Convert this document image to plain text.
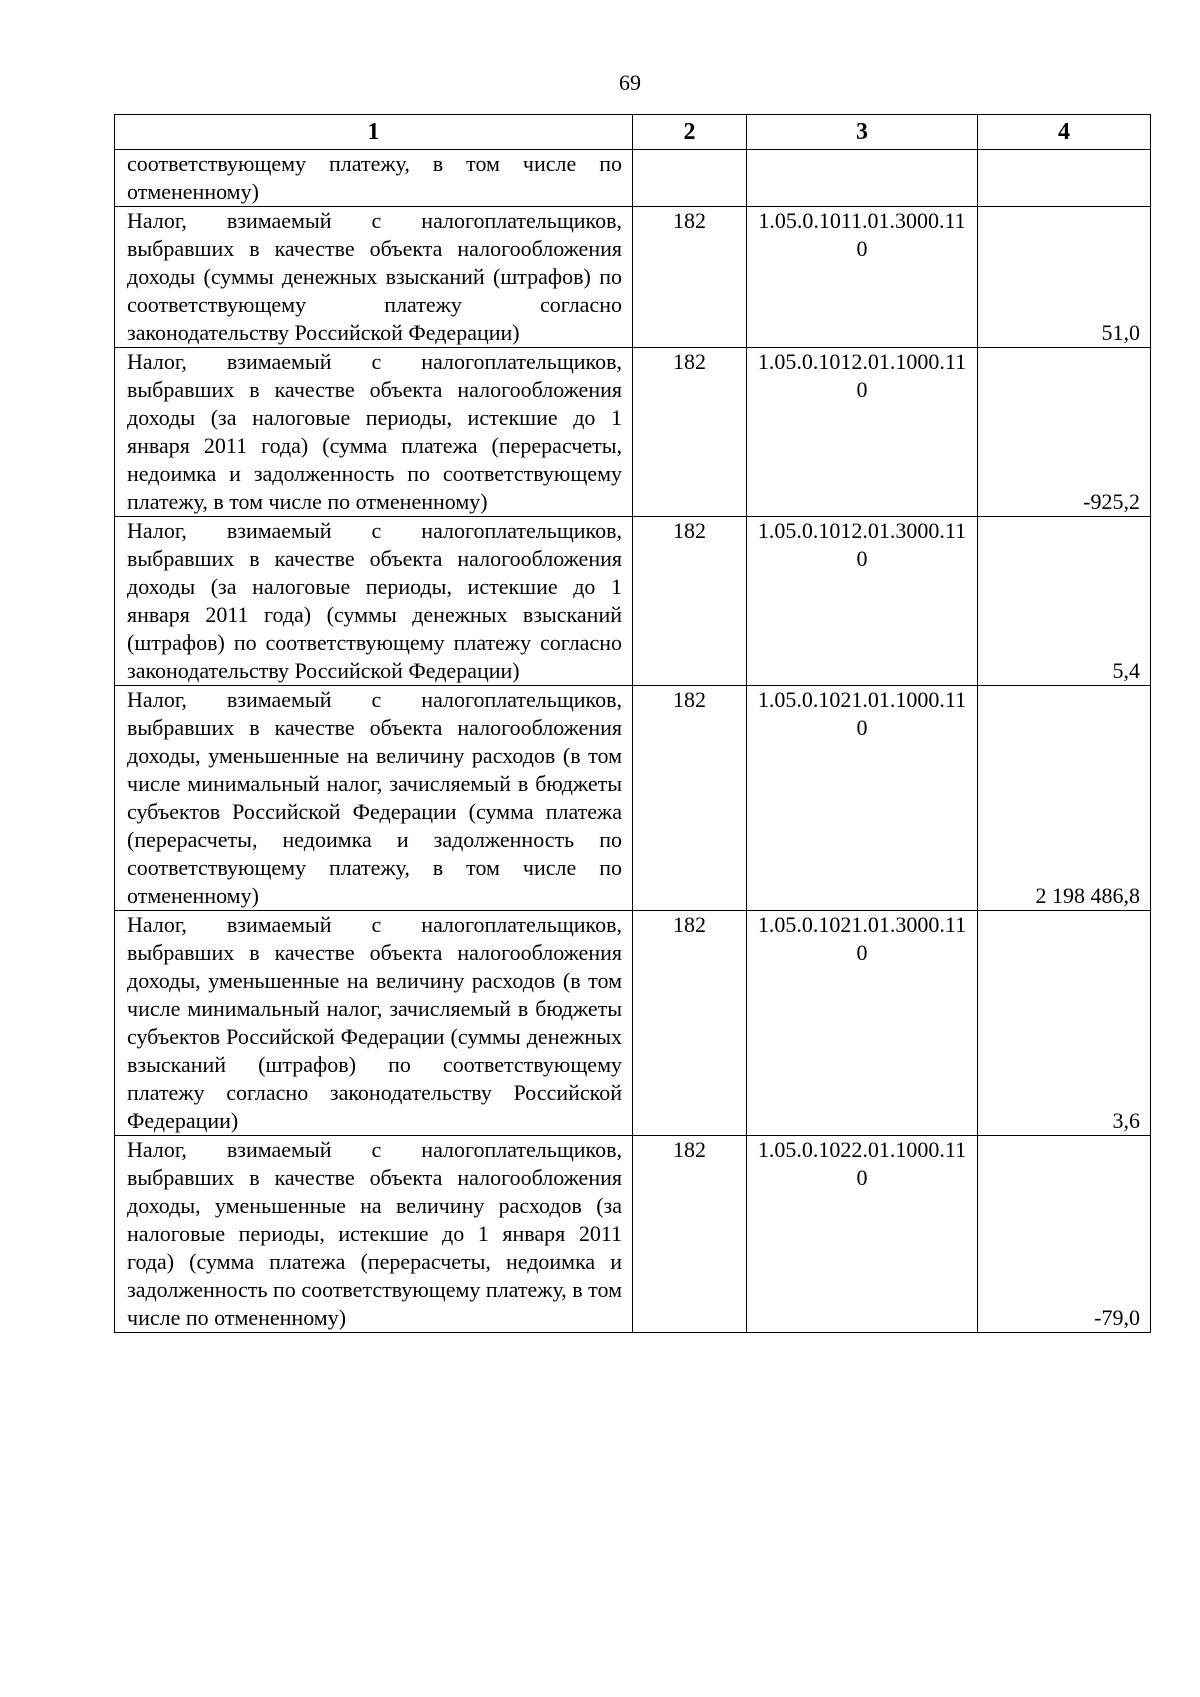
69
1	2	3	4
соответствующему платежу, в том числе по отмененному)			
Налог, взимаемый с налогоплательщиков, выбравших в качестве объекта налогообложения доходы (суммы денежных взысканий (штрафов) по соответствующему платежу согласно законодательству Российской Федерации)	182	1.05.0.1011.01.3000.110	51,0
Налог, взимаемый с налогоплательщиков, выбравших в качестве объекта налогообложения доходы (за налоговые периоды, истекшие до 1 января 2011 года) (сумма платежа (перерасчеты, недоимка и задолженность по соответствующему платежу, в том числе по отмененному)	182	1.05.0.1012.01.1000.110	-925,2
Налог, взимаемый с налогоплательщиков, выбравших в качестве объекта налогообложения доходы (за налоговые периоды, истекшие до 1 января 2011 года) (суммы денежных взысканий (штрафов) по соответствующему платежу согласно законодательству Российской Федерации)	182	1.05.0.1012.01.3000.110	5,4
Налог, взимаемый с налогоплательщиков, выбравших в качестве объекта налогообложения доходы, уменьшенные на величину расходов (в том числе минимальный налог, зачисляемый в бюджеты субъектов Российской Федерации (сумма платежа (перерасчеты, недоимка и задолженность по соответствующему платежу, в том числе по отмененному)	182	1.05.0.1021.01.1000.110	2 198 486,8
Налог, взимаемый с налогоплательщиков, выбравших в качестве объекта налогообложения доходы, уменьшенные на величину расходов (в том числе минимальный налог, зачисляемый в бюджеты субъектов Российской Федерации (суммы денежных взысканий (штрафов) по соответствующему платежу согласно законодательству Российской Федерации)	182	1.05.0.1021.01.3000.110	3,6
Налог, взимаемый с налогоплательщиков, выбравших в качестве объекта налогообложения доходы, уменьшенные на величину расходов (за налоговые периоды, истекшие до 1 января 2011 года) (сумма платежа (перерасчеты, недоимка и задолженность по соответствующему платежу, в том числе по отмененному)	182	1.05.0.1022.01.1000.110	-79,0
